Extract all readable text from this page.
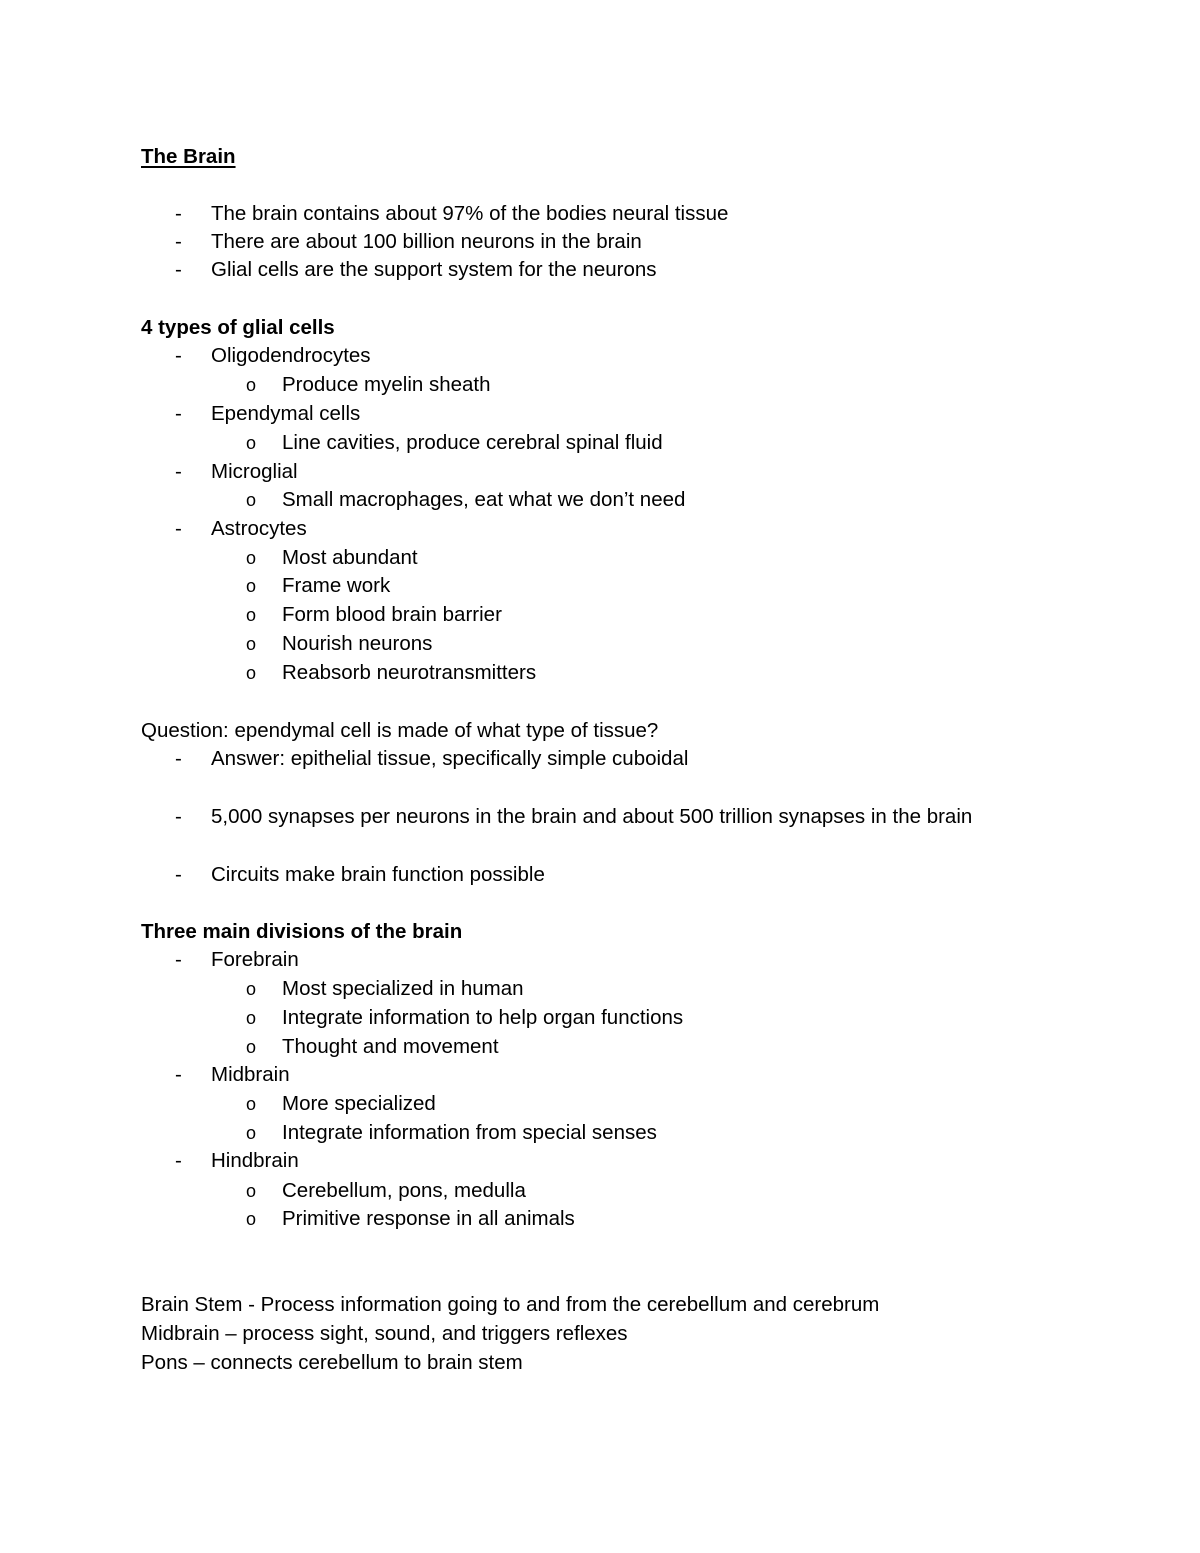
The Brain
-	The brain contains about 97% of the bodies neural tissue
-	There are about 100 billion neurons in the brain
-	Glial cells are the support system for the neurons
4 types of glial cells
-	Oligodendrocytes
o	Produce myelin sheath
-	Ependymal cells
o	Line cavities, produce cerebral spinal fluid
-	Microglial
o	Small macrophages, eat what we don’t need
-	Astrocytes
o	Most abundant
o	Frame work
o	Form blood brain barrier
o	Nourish neurons
o	Reabsorb neurotransmitters
Question: ependymal cell is made of what type of tissue?
-	Answer: epithelial tissue, specifically simple cuboidal
-	5,000 synapses per neurons in the brain and about 500 trillion synapses in the brain
-	Circuits make brain function possible
Three main divisions of the brain
-	Forebrain
o	Most specialized in human
o	Integrate information to help organ functions
o	Thought and movement
-	Midbrain
o	More specialized
o	Integrate information from special senses
-	Hindbrain
o	Cerebellum, pons, medulla
o	Primitive response in all animals
Brain Stem - Process information going to and from the cerebellum and cerebrum
Midbrain – process sight, sound, and triggers reflexes
Pons – connects cerebellum to brain stem
